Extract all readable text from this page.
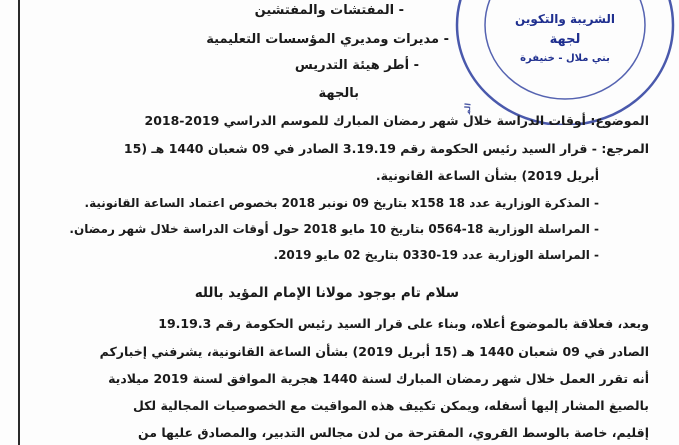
الشريبة والتكوين
لجهة
بني ملال - خنيفرة
الم
- المفتشات والمفتشين
- مديرات ومديري المؤسسات التعليمية
- أطر هيئة التدريس
بالجهة
الموضوع: أوقات الدراسة خلال شهر رمضان المبارك للموسم الدراسي 2019-2018
المرجع: - قرار السيد رئيس الحكومة رقم 3.19.19 الصادر في 09 شعبان 1440 هـ (15
أبريل 2019) بشأن الساعة القانونية.
- المذكرة الوزارية عدد 18 x158 بتاريخ 09 نونبر 2018 بخصوص اعتماد الساعة القانونية.
- المراسلة الوزارية 18-0564 بتاريخ 10 مايو 2018 حول أوقات الدراسة خلال شهر رمضان.
- المراسلة الوزارية عدد 19-0330 بتاريخ 02 مايو 2019.
سلام تام بوجود مولانا الإمام المؤيد بالله
وبعد، فعلاقة بالموضوع أعلاه، وبناء على قرار السيد رئيس الحكومة رقم 19.19.3
الصادر في 09 شعبان 1440 هـ (15 أبريل 2019) بشأن الساعة القانونية، يشرفني إخباركم
أنه تقرر العمل خلال شهر رمضان المبارك لسنة 1440 هجرية الموافق لسنة 2019 ميلادية
بالصيغ المشار إليها أسفله، ويمكن تكييف هذه المواقيت مع الخصوصيات المجالية لكل
إقليم، خاصة بالوسط القروي، المقترحة من لدن مجالس التدبير، والمصادق عليها من
